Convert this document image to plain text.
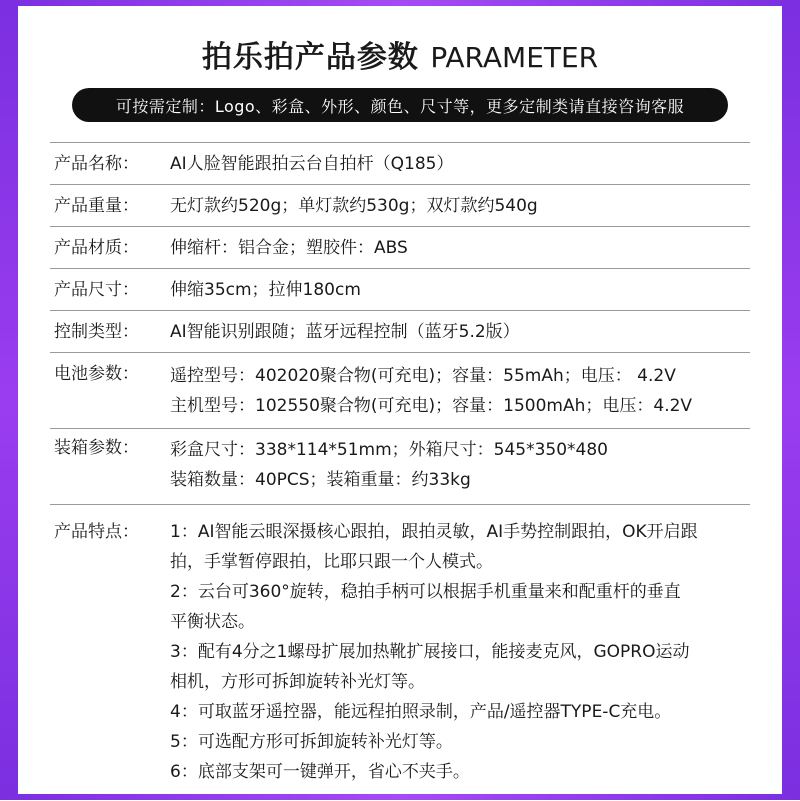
拍乐拍产品参数 PARAMETER
可按需定制：Logo、彩盒、外形、颜色、尺寸等，更多定制类请直接咨询客服
产品名称：	AI人脸智能跟拍云台自拍杆（Q185）
产品重量：	无灯款约520g；单灯款约530g；双灯款约540g
产品材质：	伸缩杆：铝合金；塑胶件：ABS
产品尺寸：	伸缩35cm；拉伸180cm
控制类型：	AI智能识别跟随；蓝牙远程控制（蓝牙5.2版）
电池参数：	遥控型号：402020聚合物(可充电)；容量：55mAh；电压： 4.2V
主机型号：102550聚合物(可充电)；容量：1500mAh；电压：4.2V
装箱参数：	彩盒尺寸：338*114*51mm；外箱尺寸：545*350*480
装箱数量：40PCS；装箱重量：约33kg
产品特点：	1：AI智能云眼深摄核心跟拍，跟拍灵敏，AI手势控制跟拍，OK开启跟
拍，手掌暂停跟拍，比耶只跟一个人模式。
2：云台可360°旋转，稳拍手柄可以根据手机重量来和配重杆的垂直
平衡状态。
3：配有4分之1螺母扩展加热靴扩展接口，能接麦克风，GOPRO运动
相机，方形可拆卸旋转补光灯等。
4：可取蓝牙遥控器，能远程拍照录制，产品/遥控器TYPE-C充电。
5：可选配方形可拆卸旋转补光灯等。
6：底部支架可一键弹开，省心不夹手。
